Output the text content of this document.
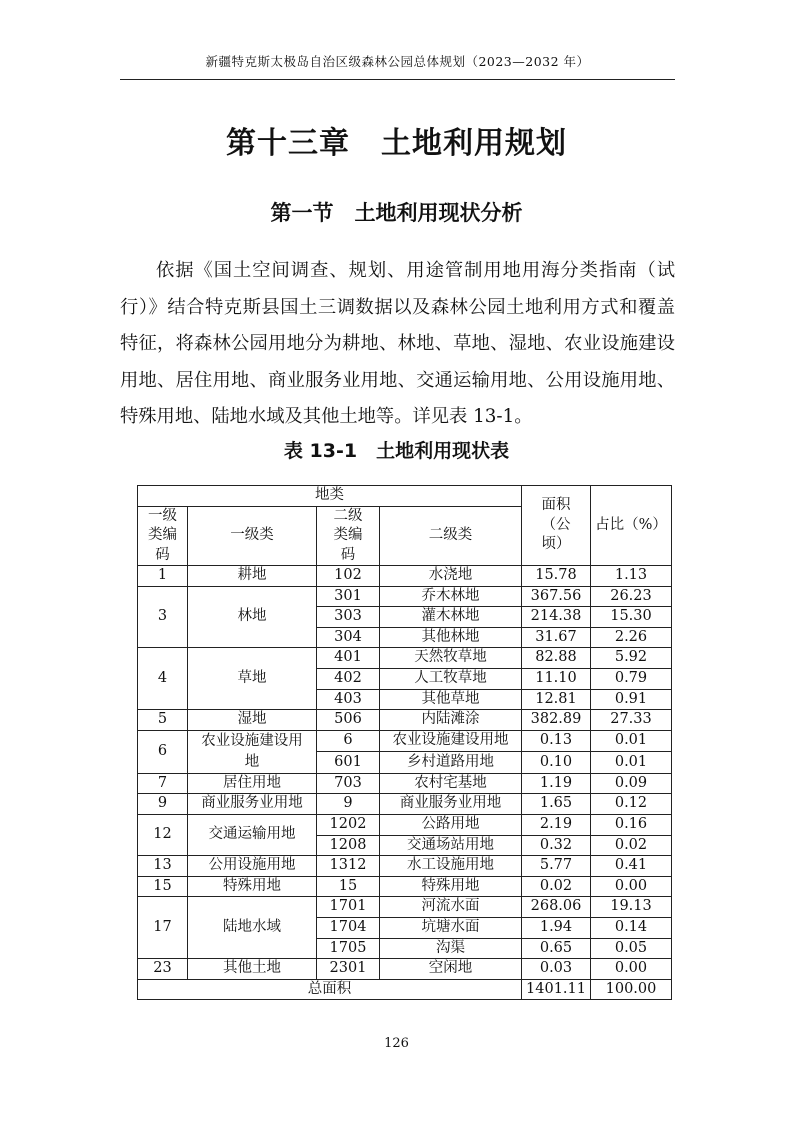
新疆特克斯太极岛自治区级森林公园总体规划（2023—2032 年）
第十三章　土地利用规划
第一节　土地利用现状分析

依据《国土空间调查、规划、用途管制用地用海分类指南（试行）》结合特克斯县国土三调数据以及森林公园土地利用方式和覆盖特征，将森林公园用地分为耕地、林地、草地、湿地、农业设施建设用地、居住用地、商业服务业用地、交通运输用地、公用设施用地、特殊用地、陆地水域及其他土地等。详见表 13-1。

表 13-1　土地利用现状表
地类				面积（公顷）	占比（%）
一级类编码	一级类	二级类编码	二级类		
1	耕地	102	水浇地	15.78	1.13
3	林地	301	乔木林地	367.56	26.23
		303	灌木林地	214.38	15.30
		304	其他林地	31.67	2.26
4	草地	401	天然牧草地	82.88	5.92
		402	人工牧草地	11.10	0.79
		403	其他草地	12.81	0.91
5	湿地	506	内陆滩涂	382.89	27.33
6	农业设施建设用地	6	农业设施建设用地	0.13	0.01
		601	乡村道路用地	0.10	0.01
7	居住用地	703	农村宅基地	1.19	0.09
9	商业服务业用地	9	商业服务业用地	1.65	0.12
12	交通运输用地	1202	公路用地	2.19	0.16
		1208	交通场站用地	0.32	0.02
13	公用设施用地	1312	水工设施用地	5.77	0.41
15	特殊用地	15	特殊用地	0.02	0.00
17	陆地水域	1701	河流水面	268.06	19.13
		1704	坑塘水面	1.94	0.14
		1705	沟渠	0.65	0.05
23	其他土地	2301	空闲地	0.03	0.00
总面积				1401.11	100.00
126
